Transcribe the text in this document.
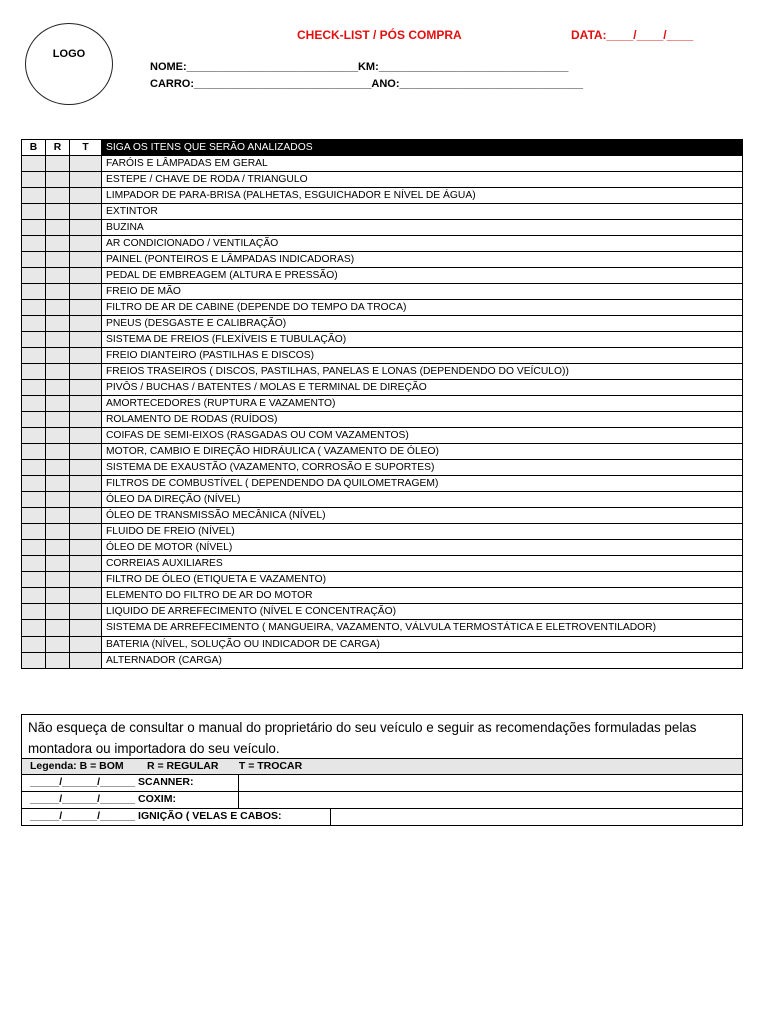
LOGO
CHECK-LIST / PÓS COMPRA	DATA:____/____/____
NOME:____________________________KM:_______________________________
CARRO:_____________________________ANO:______________________________
B	R	T	SIGA OS ITENS QUE SERÃO ANALIZADOS
			FARÓIS E LÂMPADAS EM GERAL
			ESTEPE / CHAVE DE RODA / TRIANGULO
			LIMPADOR DE PARA-BRISA (PALHETAS, ESGUICHADOR E NÍVEL DE ÁGUA)
			EXTINTOR
			BUZINA
			AR CONDICIONADO / VENTILAÇÃO
			PAINEL (PONTEIROS E LÂMPADAS INDICADORAS)
			PEDAL DE EMBREAGEM (ALTURA E PRESSÃO)
			FREIO DE MÃO
			FILTRO DE AR DE CABINE (DEPENDE DO TEMPO DA TROCA)
			PNEUS (DESGASTE E CALIBRAÇÃO)
			SISTEMA DE FREIOS (FLEXÍVEIS E TUBULAÇÃO)
			FREIO DIANTEIRO (PASTILHAS E DISCOS)
			FREIOS TRASEIROS ( DISCOS, PASTILHAS, PANELAS E LONAS (DEPENDENDO DO VEÍCULO))
			PIVÔS / BUCHAS / BATENTES / MOLAS E TERMINAL DE DIREÇÃO
			AMORTECEDORES (RUPTURA E VAZAMENTO)
			ROLAMENTO DE RODAS (RUÍDOS)
			COIFAS DE SEMI-EIXOS (RASGADAS OU COM VAZAMENTOS)
			MOTOR, CAMBIO E DIREÇÃO HIDRÁULICA ( VAZAMENTO DE ÓLEO)
			SISTEMA DE EXAUSTÃO (VAZAMENTO, CORROSÃO E SUPORTES)
			FILTROS DE COMBUSTÍVEL ( DEPENDENDO DA QUILOMETRAGEM)
			ÓLEO DA DIREÇÃO (NÍVEL)
			ÓLEO DE TRANSMISSÃO MECÂNICA (NÍVEL)
			FLUIDO DE FREIO (NÍVEL)
			ÓLEO DE MOTOR (NÍVEL)
			CORREIAS AUXILIARES
			FILTRO DE ÓLEO (ETIQUETA E VAZAMENTO)
			ELEMENTO DO FILTRO DE AR DO MOTOR
			LIQUIDO DE ARREFECIMENTO (NÍVEL E CONCENTRAÇÃO)
			SISTEMA DE ARREFECIMENTO ( MANGUEIRA, VAZAMENTO, VÁLVULA TERMOSTÁTICA E ELETROVENTILADOR)
			BATERIA (NÍVEL, SOLUÇÃO OU INDICADOR DE CARGA)
			ALTERNADOR (CARGA)
Não esqueça de consultar o manual do proprietário do seu veículo e seguir as recomendações formuladas pelas montadora ou importadora do seu veículo.
Legenda: B = BOM        R = REGULAR       T = TROCAR
_____/______/______ SCANNER:
_____/______/______ COXIM:
_____/______/______ IGNIÇÃO ( VELAS E CABOS:
